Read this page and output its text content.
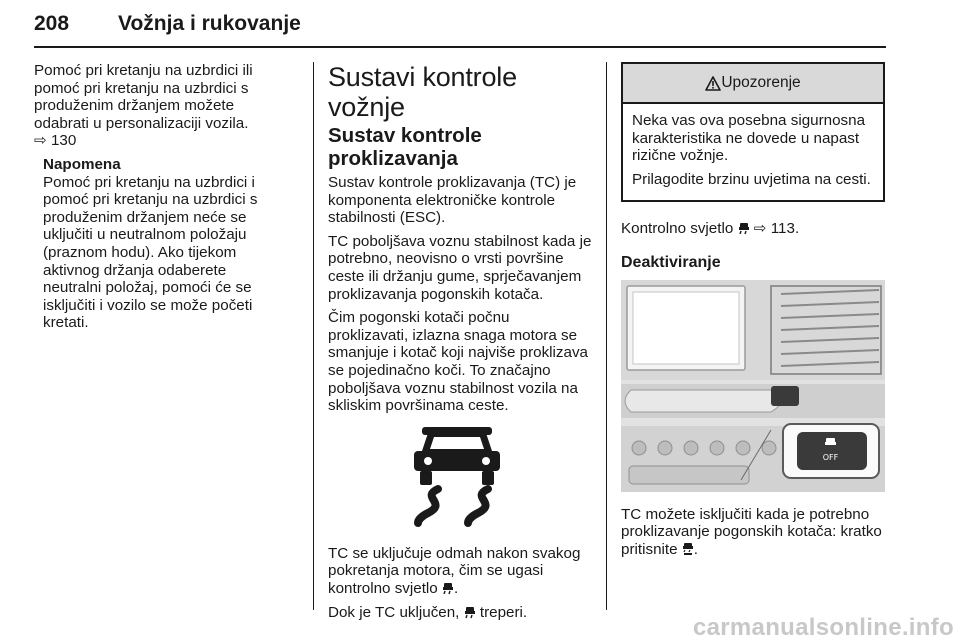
208 Vožnja i rukovanje

Pomoć pri kretanju na uzbrdici ili pomoć pri kretanju na uzbrdici s produženim držanjem možete odabrati u personalizaciji vozila.
⇨ 130

Napomena
Pomoć pri kretanju na uzbrdici i pomoć pri kretanju na uzbrdici s produženim držanjem neće se uključiti u neutralnom položaju (praznom hodu). Ako tijekom aktivnog držanja odaberete neutralni položaj, pomoći će se isključiti i vozilo se može početi kretati.
Sustavi kontrole vožnje
Sustav kontrole proklizavanja

Sustav kontrole proklizavanja (TC) je komponenta elektroničke kontrole stabilnosti (ESC).

TC poboljšava voznu stabilnost kada je potrebno, neovisno o vrsti površine ceste ili držanju gume, sprječavanjem proklizavanja pogonskih kotača.

Čim pogonski kotači počnu proklizavati, izlazna snaga motora se smanjuje i kotač koji najviše proklizava se pojedinačno koči. To značajno poboljšava voznu stabilnost vozila na skliskim površinama ceste.

TC se uključuje odmah nakon svakog pokretanja motora, čim se ugasi kontrolno svjetlo .

Dok je TC uključen, treperi.

Upozorenje

Neka vas ova posebna sigurnosna karakteristika ne dovede u napast rizične vožnje.

Prilagodite brzinu uvjetima na cesti.

Kontrolno svjetlo ⇨ 113.

Deaktiviranje
OFF

TC možete isključiti kada je potrebno proklizavanje pogonskih kotača: kratko pritisnite .

carmanualsonline.info
